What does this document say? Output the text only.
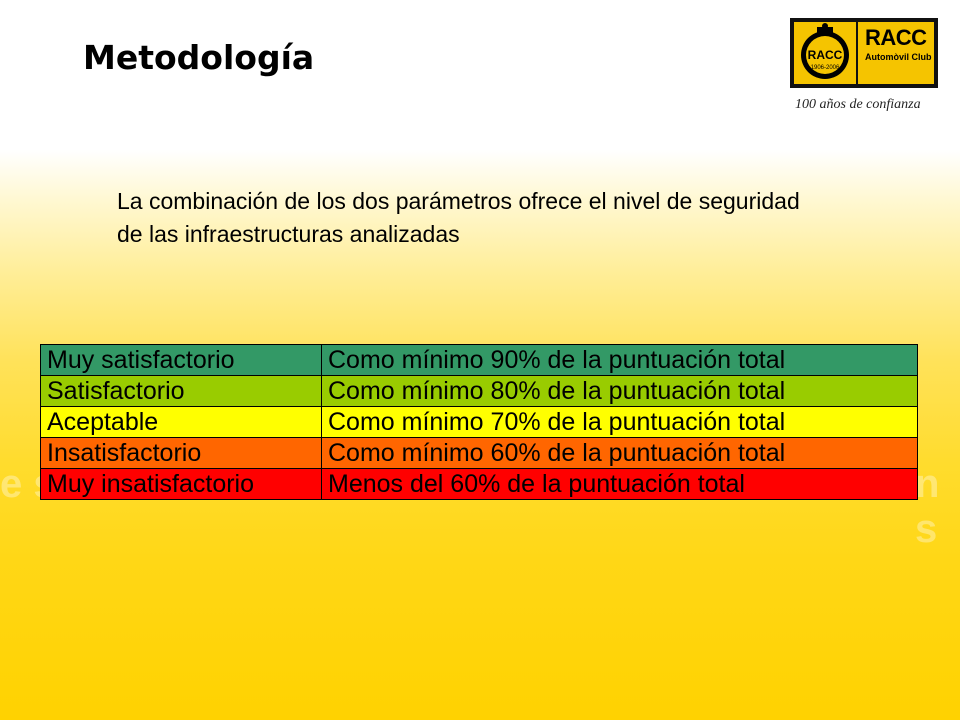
Metodología	RACC
1906-2006
RACC
Automòvil Club
100 años de confianza
La combinación de los dos parámetros ofrece el nivel de seguridad de las infraestructuras analizadas
e s	n s
Muy satisfactorio	Como mínimo 90% de la puntuación total
Satisfactorio	Como mínimo 80% de la puntuación total
Aceptable	Como mínimo 70% de la puntuación total
Insatisfactorio	Como mínimo 60% de la puntuación total
Muy insatisfactorio	Menos del 60% de la puntuación total
